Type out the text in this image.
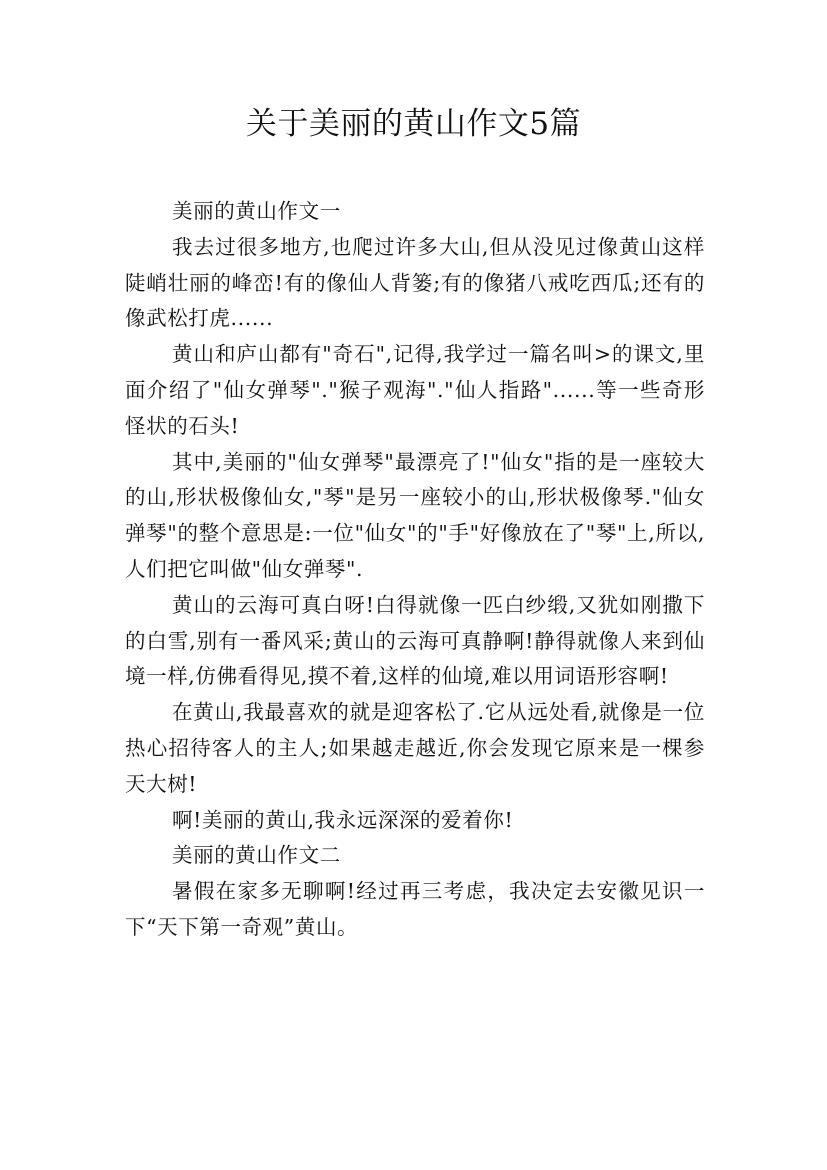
关于美丽的黄山作文5篇

美丽的黄山作文一

我去过很多地方,也爬过许多大山,但从没见过像黄山这样陡峭壮丽的峰峦!有的像仙人背篓;有的像猪八戒吃西瓜;还有的像武松打虎......

黄山和庐山都有"奇石",记得,我学过一篇名叫>的课文,里面介绍了"仙女弹琴"."猴子观海"."仙人指路"......等一些奇形怪状的石头!

其中,美丽的"仙女弹琴"最漂亮了!"仙女"指的是一座较大的山,形状极像仙女,"琴"是另一座较小的山,形状极像琴."仙女弹琴"的整个意思是:一位"仙女"的"手"好像放在了"琴"上,所以,人们把它叫做"仙女弹琴".

黄山的云海可真白呀!白得就像一匹白纱缎,又犹如刚撒下的白雪,别有一番风采;黄山的云海可真静啊!静得就像人来到仙境一样,仿佛看得见,摸不着,这样的仙境,难以用词语形容啊!

在黄山,我最喜欢的就是迎客松了.它从远处看,就像是一位热心招待客人的主人;如果越走越近,你会发现它原来是一棵参天大树!

啊!美丽的黄山,我永远深深的爱着你!

美丽的黄山作文二

暑假在家多无聊啊!经过再三考虑，我决定去安徽见识一下“天下第一奇观”黄山。
